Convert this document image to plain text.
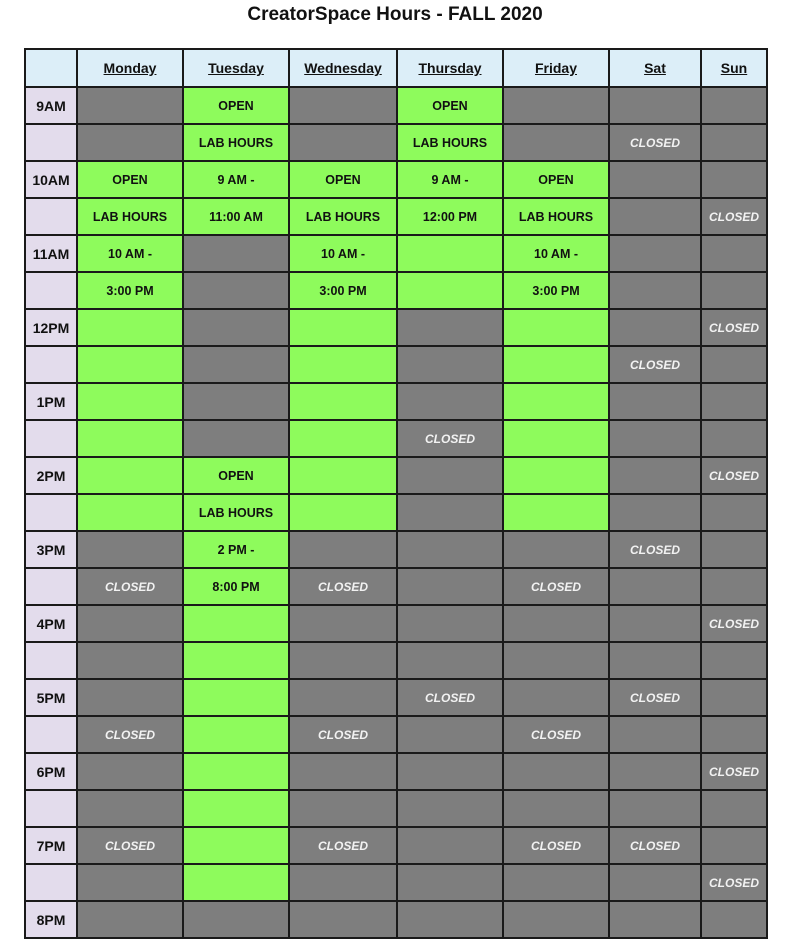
CreatorSpace Hours - FALL 2020
	Monday	Tuesday	Wednesday	Thursday	Friday	Sat	Sun
9AM		OPEN		OPEN			
		LAB HOURS		LAB HOURS		CLOSED	
10AM	OPEN	9 AM -	OPEN	9 AM -	OPEN		
	LAB HOURS	11:00 AM	LAB HOURS	12:00 PM	LAB HOURS		CLOSED
11AM	10 AM -		10 AM -		10 AM -		
	3:00 PM		3:00 PM		3:00 PM		
12PM							CLOSED
						CLOSED	
1PM							
				CLOSED			
2PM		OPEN					CLOSED
		LAB HOURS					
3PM		2 PM -				CLOSED	
	CLOSED	8:00 PM	CLOSED		CLOSED		
4PM							CLOSED

5PM				CLOSED		CLOSED	
	CLOSED		CLOSED		CLOSED		
6PM							CLOSED

7PM	CLOSED		CLOSED		CLOSED	CLOSED	
							CLOSED
8PM							
